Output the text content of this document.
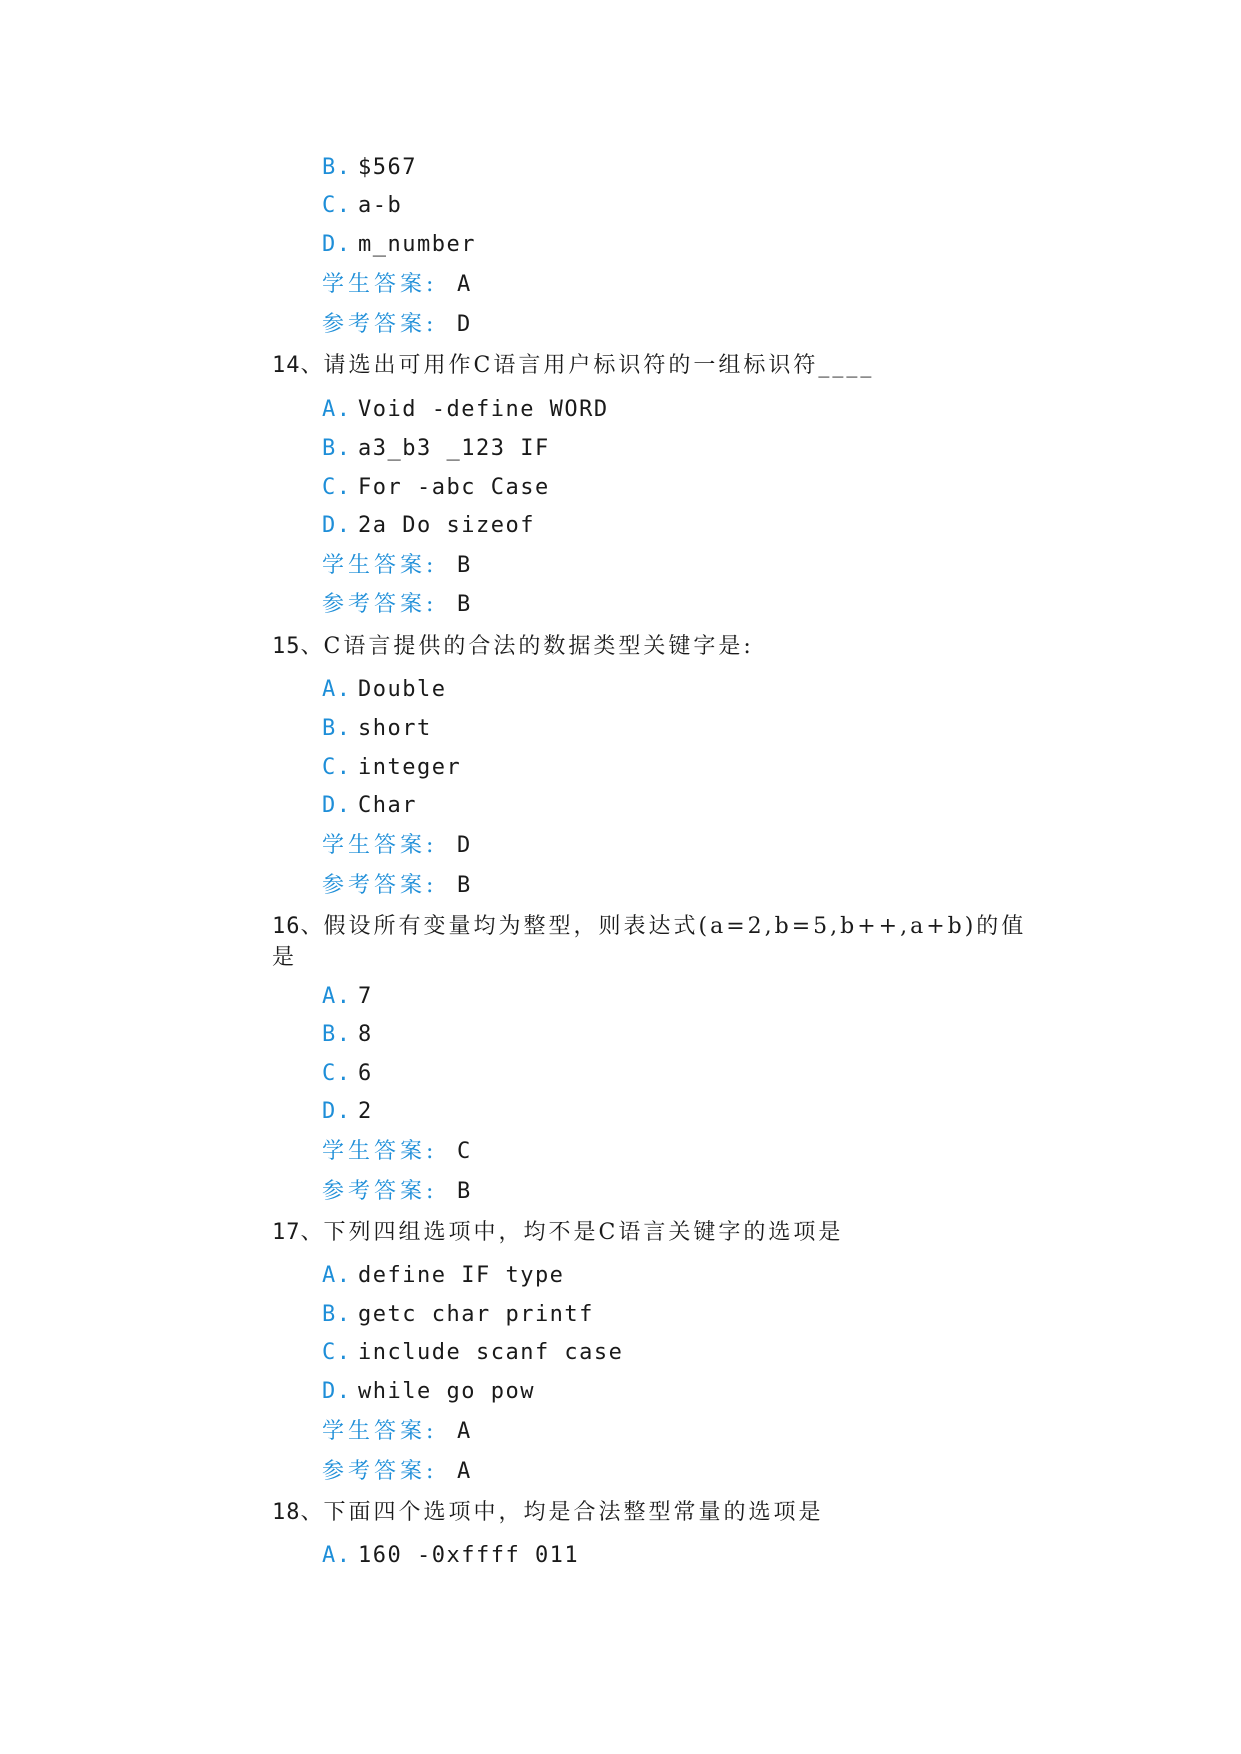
B. $567
C. a-b
D. m_number
学生答案: A
参考答案: D
14、请选出可用作C语言用户标识符的一组标识符____
A. Void -define WORD
B. a3_b3 _123 IF
C. For -abc Case
D. 2a Do sizeof
学生答案: B
参考答案: B
15、C语言提供的合法的数据类型关键字是:
A. Double
B. short
C. integer
D. Char
学生答案: D
参考答案: B
16、假设所有变量均为整型，则表达式(a=2,b=5,b++,a+b)的值
是
A. 7
B. 8
C. 6
D. 2
学生答案: C
参考答案: B
17、下列四组选项中，均不是C语言关键字的选项是
A. define IF type
B. getc char printf
C. include scanf case
D. while go pow
学生答案: A
参考答案: A
18、下面四个选项中，均是合法整型常量的选项是
A. 160 -0xffff 011
